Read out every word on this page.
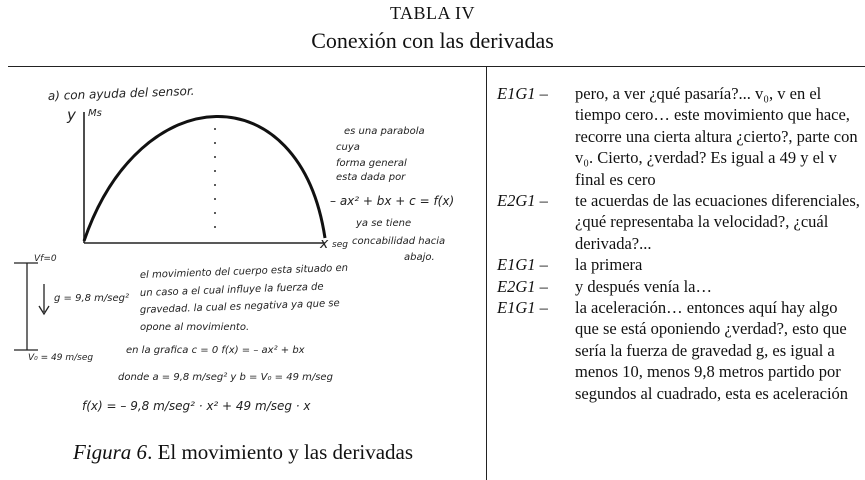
TABLA IV
Conexión con las derivadas
a) con ayuda del sensor.
y Ms
x seg
es una parabola
cuya
forma general
esta dada por
– ax² + bx + c = f(x)
ya se tiene
concabilidad hacia
abajo.
Vf=0
g = 9,8 m/seg²
V₀ = 49 m/seg
el movimiento del cuerpo esta situado en
un caso a el cual influye la fuerza de
gravedad. la cual es negativa ya que se
opone al movimiento.
en la grafica c = 0 f(x) = – ax² + bx
donde a = 9,8 m/seg² y b = V₀ = 49 m/seg
f(x) = – 9,8 m/seg² · x² + 49 m/seg · x
Figura 6. El movimiento y las derivadas
E1G1 –	pero, a ver ¿qué pasaría?... v₀, v en el tiempo cero… este movimiento que hace, recorre una cierta altura ¿cierto?, parte con v₀. Cierto, ¿verdad? Es igual a 49 y el v final es cero
E2G1 –	te acuerdas de las ecuaciones diferenciales, ¿qué representaba la velocidad?, ¿cuál derivada?...
E1G1 –	la primera
E2G1 –	y después venía la…
E1G1 –	la aceleración… entonces aquí hay algo que se está oponiendo ¿verdad?, esto que sería la fuerza de gravedad g, es igual a menos 10, menos 9,8 metros partido por segundos al cuadrado, esta es aceleración
